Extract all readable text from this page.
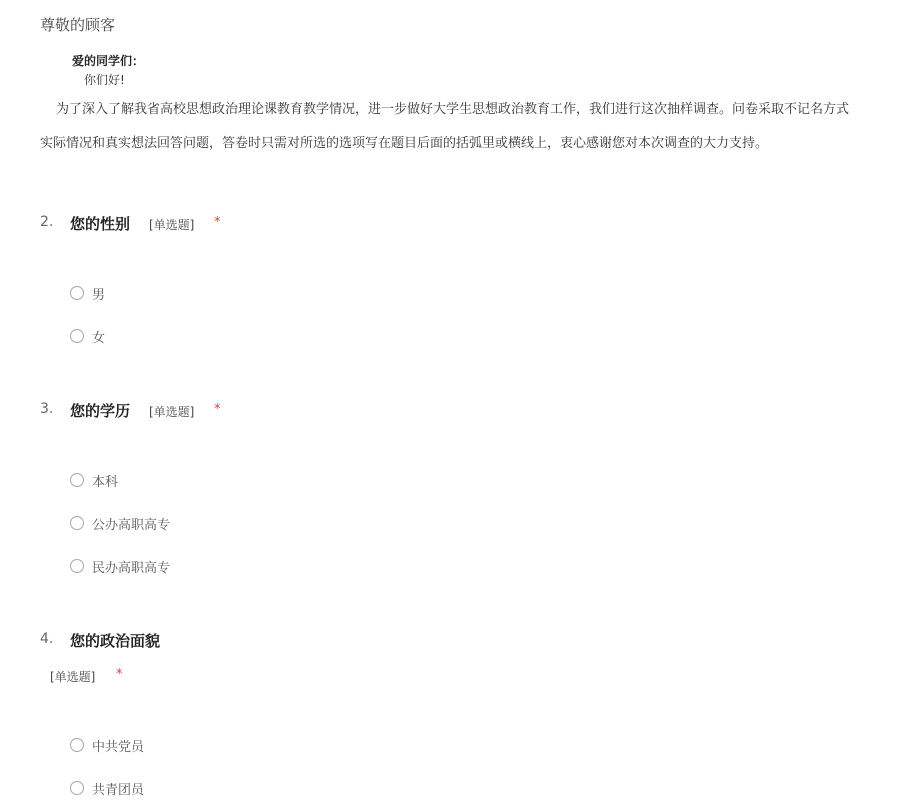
尊敬的顾客
爱的同学们：
你们好!
为了深入了解我省高校思想政治理论课教育教学情况，进一步做好大学生思想政治教育工作，我们进行这次抽样调查。问卷采取不记名方式
实际情况和真实想法回答问题，答卷时只需对所选的选项写在题目后面的括弧里或横线上，衷心感谢您对本次调查的大力支持。
2. 您的性别 [单选题] *
男
女
3. 您的学历 [单选题] *
本科
公办高职高专
民办高职高专
4. 您的政治面貌
[单选题] *
中共党员
共青团员
